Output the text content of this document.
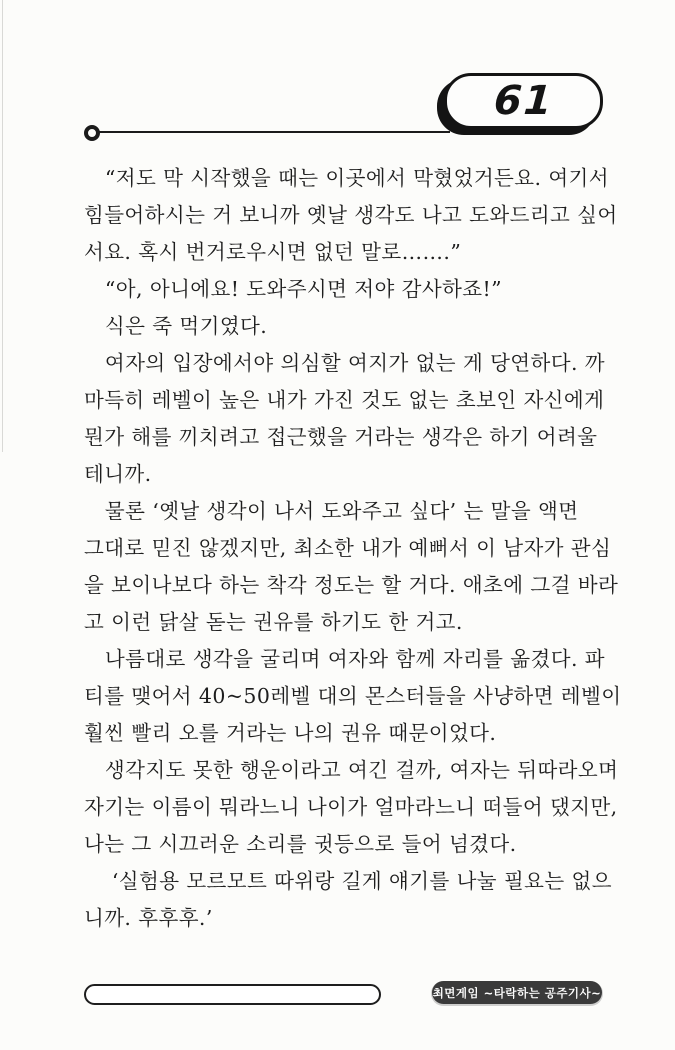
61
　“저도 막 시작했을 때는 이곳에서 막혔었거든요. 여기서
힘들어하시는 거 보니까 옛날 생각도 나고 도와드리고 싶어
서요. 혹시 번거로우시면 없던 말로…….”
　“아, 아니에요! 도와주시면 저야 감사하죠!”
　식은 죽 먹기였다.
　여자의 입장에서야 의심할 여지가 없는 게 당연하다. 까
마득히 레벨이 높은 내가 가진 것도 없는 초보인 자신에게
뭔가 해를 끼치려고 접근했을 거라는 생각은 하기 어려울
테니까.
　물론 ‘옛날 생각이 나서 도와주고 싶다’ 는 말을 액면
그대로 믿진 않겠지만, 최소한 내가 예뻐서 이 남자가 관심
을 보이나보다 하는 착각 정도는 할 거다. 애초에 그걸 바라
고 이런 닭살 돋는 권유를 하기도 한 거고.
　나름대로 생각을 굴리며 여자와 함께 자리를 옮겼다. 파
티를 맺어서 40~50레벨 대의 몬스터들을 사냥하면 레벨이
훨씬 빨리 오를 거라는 나의 권유 때문이었다.
　생각지도 못한 행운이라고 여긴 걸까, 여자는 뒤따라오며
자기는 이름이 뭐라느니 나이가 얼마라느니 떠들어 댔지만,
나는 그 시끄러운 소리를 귓등으로 들어 넘겼다.
　 ‘실험용 모르모트 따위랑 길게 얘기를 나눌 필요는 없으
니까. 후후후.’
최면게임 ~타락하는 공주기사~
